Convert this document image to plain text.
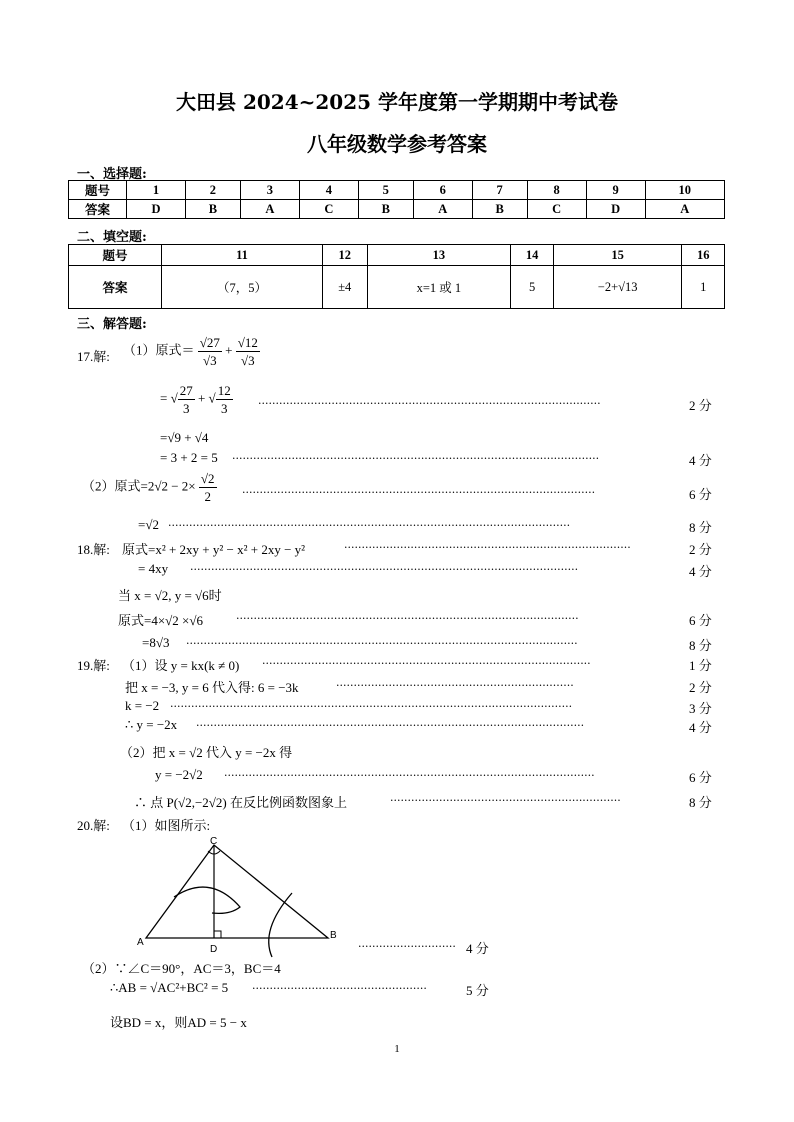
大田县 2024~2025 学年度第一学期期中考试卷
八年级数学参考答案
一、选择题:
题号	1	2	3	4	5	6	7	8	9	10
答案	D	B	A	C	B	A	B	C	D	A
二、填空题:
题号	11	12	13	14	15	16
答案	（7，5）	±4	x=1 或 1	5	−2+√13	1
三、解答题:
17.解: （1）原式＝ $\frac{√27}{√3} + \frac{√12}{√3}$
= √ $\frac{27}{3}$ + √ $\frac{12}{3}$ ··································································································	2 分
=√9 + √4
= 3 + 2 = 5 ·········································································································	4 分
（2）原式$=2√2 - 2\times \frac{√2}{2}$ ·····································································································	6 分
=√2 ···················································································································	8 分
18.解: 原式=x² + 2xy + y² − x² + 2xy − y²	··················································································	2 分
= 4xy ···············································································································	4 分
当 x = √2, y = √6时
原式=4×√2 ×√6	··································································································	6 分
=8√3 ················································································································	8 分
19.解: （1）设 y = kx(k ≠ 0) ······························································································	1 分
把 x = −3, y = 6 代入得: 6 = −3k	····································································	2 分
k = −2 ···················································································································	3 分
∴ y = −2x ···············································································································	4 分
（2）把 x = √2 代入 y = −2x 得
y = −2√2 ··········································································································	6 分
∴ 点 P(√2,−2√2) 在反比例函数图象上	··································································	8 分
20.解: （1）如图所示:
C
A
B
D	···························· 4 分
（2）∵∠C＝90°，AC＝3，BC＝4
∴AB = √AC²+BC² = 5 ··················································	5 分
设BD = x，则AD = 5 − x
1
